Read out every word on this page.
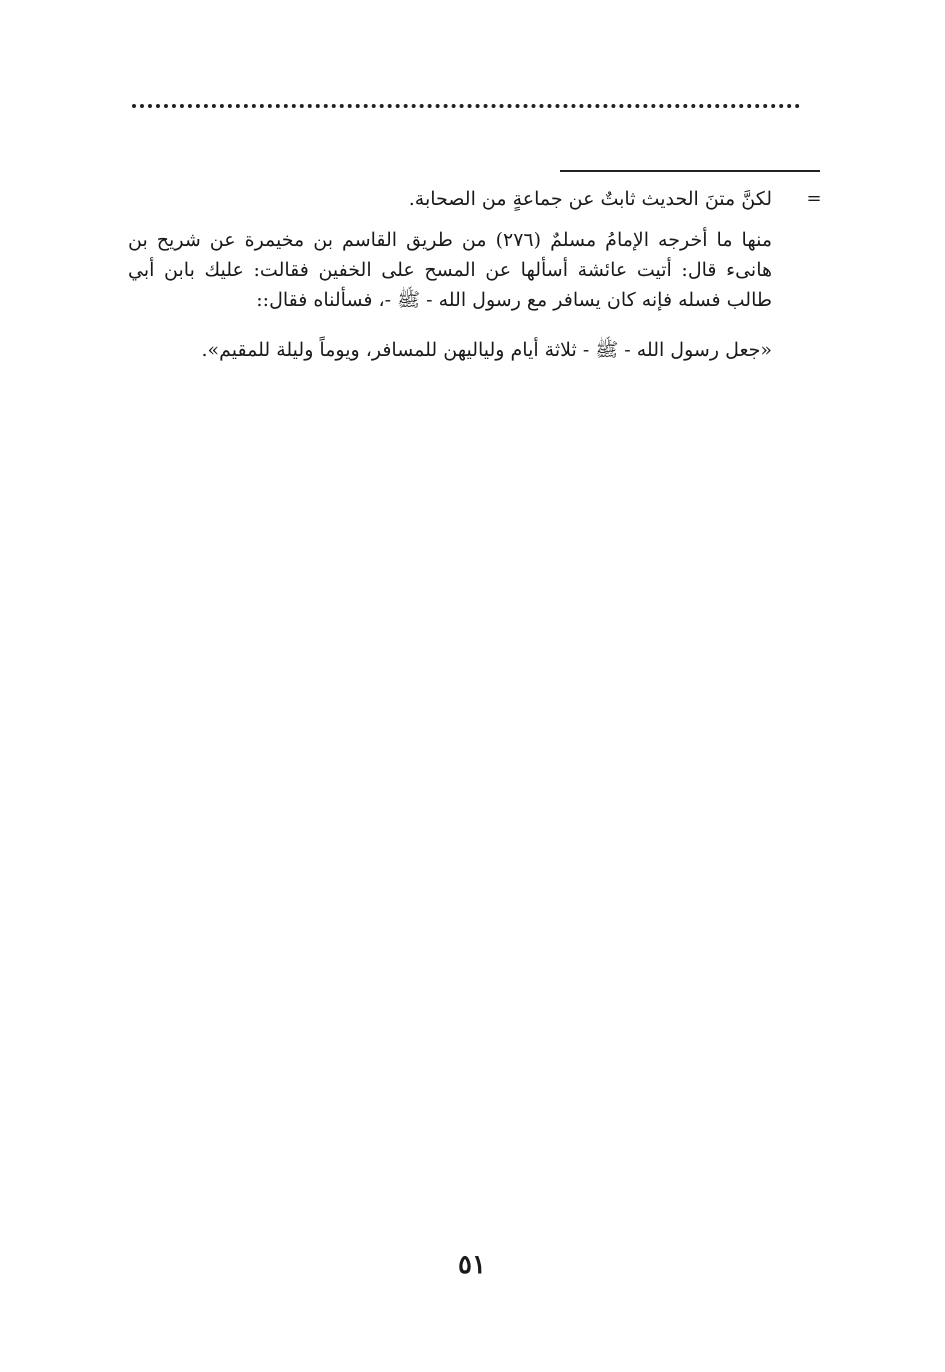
=
لكنَّ متنَ الحديث ثابتٌ عن جماعةٍ من الصحابة.
منها ما أخرجه الإمامُ مسلمٌ (٢٧٦) من طريق القاسم بن مخيمرة عن شريح بن هانىء قال: أتيت عائشة أسألها عن المسح على الخفين فقالت: عليك بابن أبي طالب فسله فإنه كان يسافر مع رسول الله - ﷺ -، فسألناه فقال::
«جعل رسول الله - ﷺ - ثلاثة أيام ولياليهن للمسافر، ويوماً وليلة للمقيم».
٥١
